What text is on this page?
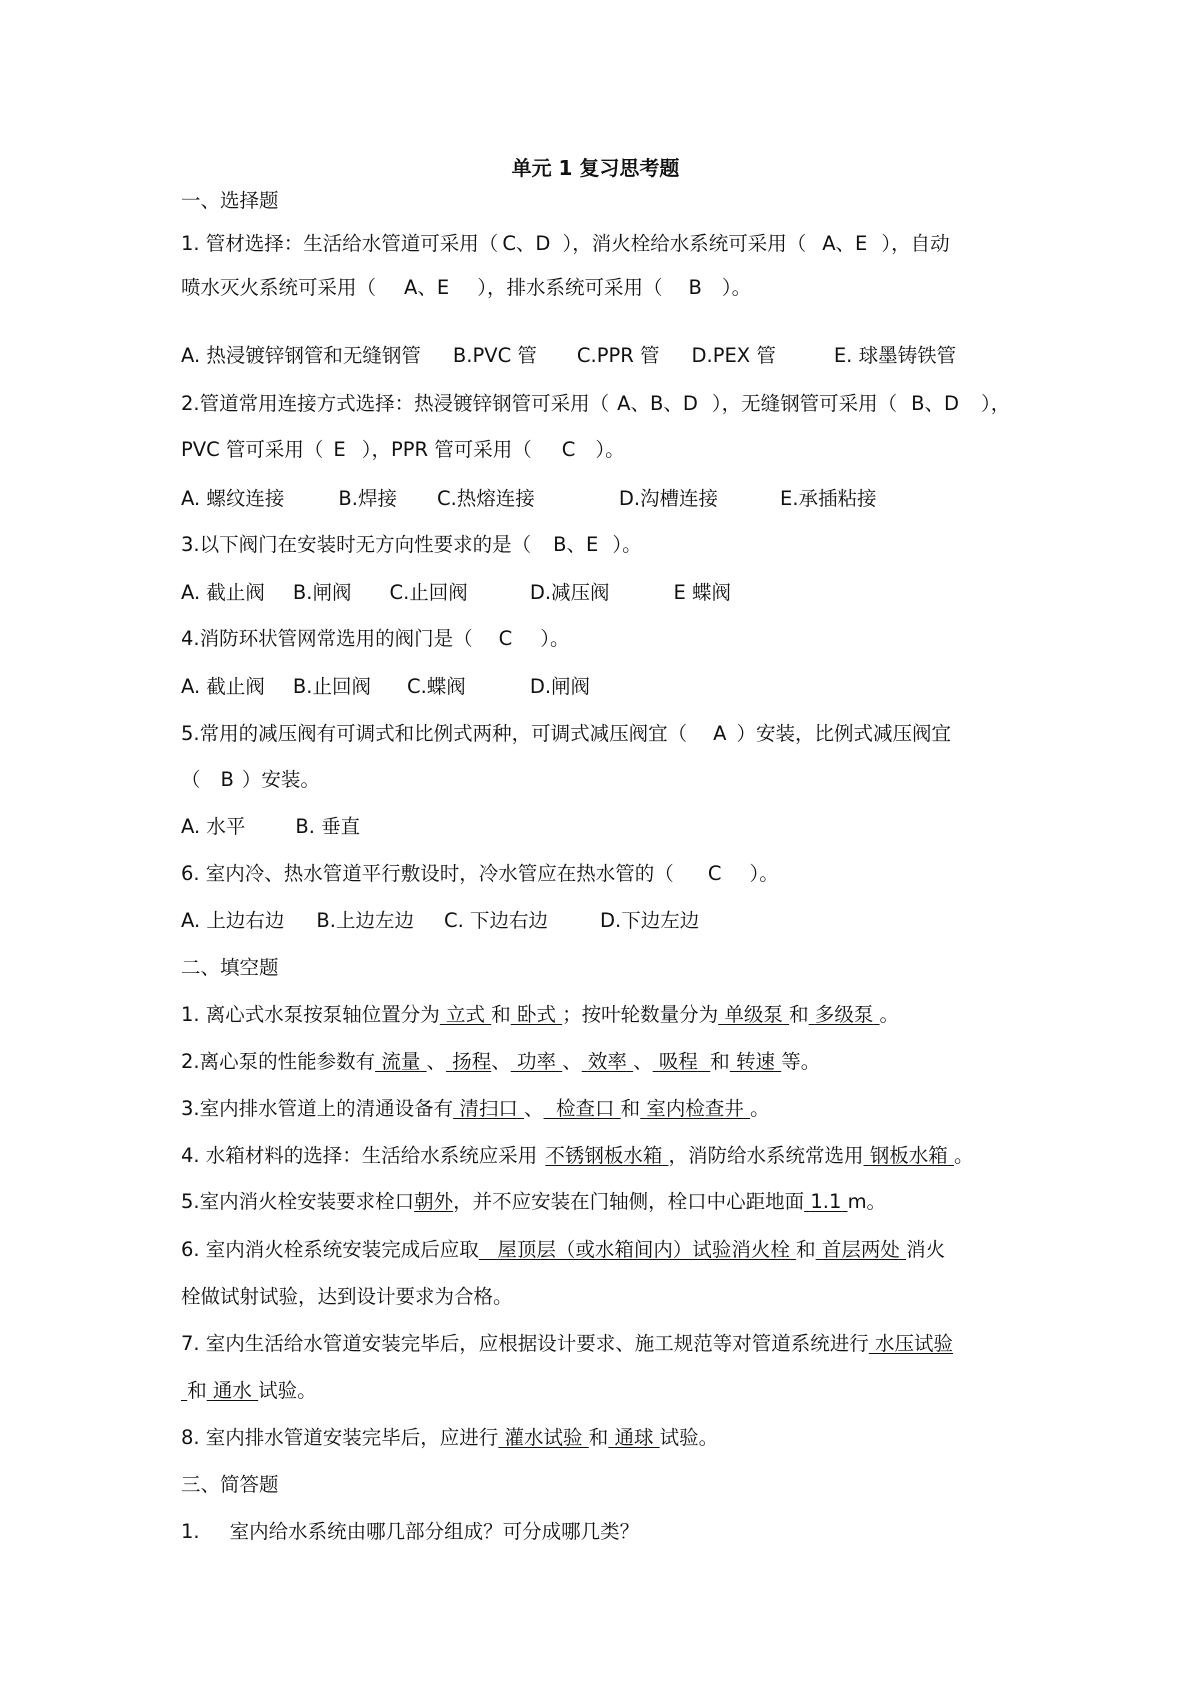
单元 1 复习思考题
一、选择题
1. 管材选择：生活给水管道可采用（ C、D ），消火栓给水系统可采用（ A、E ），自动
喷水灭火系统可采用（ A、E ），排水系统可采用（ B ）。
A. 热浸镀锌钢管和无缝钢管 B.PVC 管 C.PPR 管 D.PEX 管	E. 球墨铸铁管
2.管道常用连接方式选择：热浸镀锌钢管可采用（ A、B、D ），无缝钢管可采用（ B、D ），
PVC 管可采用（ E ），PPR 管可采用（ C ）。
A. 螺纹连接	B.焊接 C.热熔连接	D.沟槽连接	E.承插粘接
3.以下阀门在安装时无方向性要求的是（ B、E ）。
A. 截止阀 B.闸阀 C.止回阀	D.减压阀	E 蝶阀
4.消防环状管网常选用的阀门是（ C ）。
A. 截止阀 B.止回阀 C.蝶阀	D.闸阀
5.常用的减压阀有可调式和比例式两种，可调式减压阀宜（ A ）安装，比例式减压阀宜
（ B ）安装。
A. 水平	B. 垂直
6. 室内冷、热水管道平行敷设时，冷水管应在热水管的（ C ）。
A. 上边右边 B.上边左边 C. 下边右边	D.下边左边
二、填空题
1. 离心式水泵按泵轴位置分为 立式 和 卧式 ；按叶轮数量分为 单级泵 和 多级泵 。
2.离心泵的性能参数有 流量 、 扬程、 功率 、 效率 、 吸程 和 转速 等。
3.室内排水管道上的清通设备有 清扫口 、 检查口 和 室内检查井 。
4. 水箱材料的选择：生活给水系统应采用 不锈钢板水箱 ，消防给水系统常选用 钢板水箱 。
5.室内消火栓安装要求栓口朝外，并不应安装在门轴侧，栓口中心距地面 1.1 m。
6. 室内消火栓系统安装完成后应取 屋顶层（或水箱间内）试验消火栓 和 首层两处 消火
栓做试射试验，达到设计要求为合格。
7. 室内生活给水管道安装完毕后，应根据设计要求、施工规范等对管道系统进行 水压试验
和 通水 试验。
8. 室内排水管道安装完毕后，应进行 灌水试验 和 通球 试验。
三、简答题
1. 室内给水系统由哪几部分组成？可分成哪几类？
